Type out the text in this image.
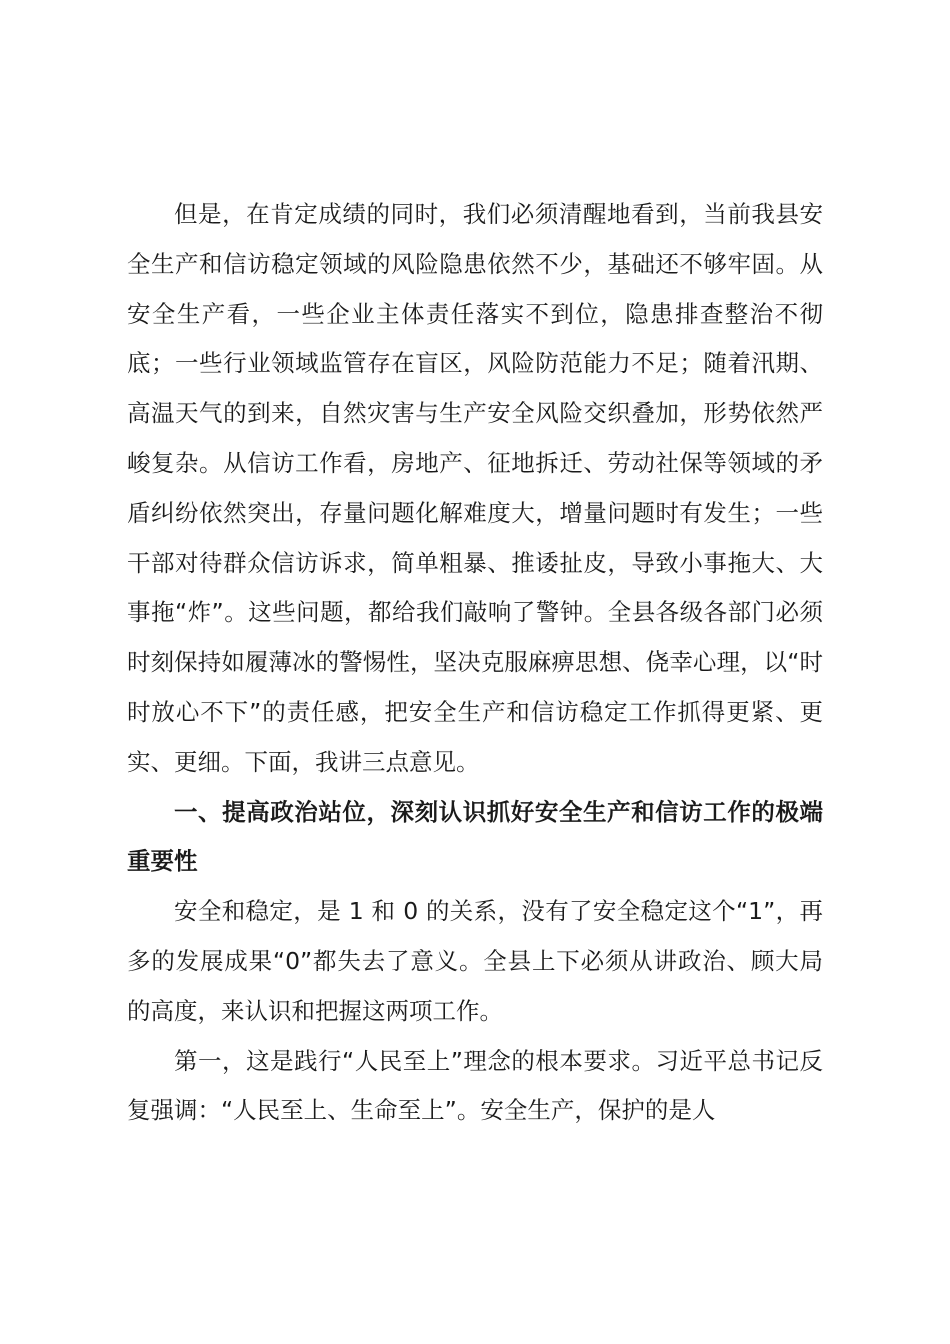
但是，在肯定成绩的同时，我们必须清醒地看到，当前我县安全生产和信访稳定领域的风险隐患依然不少，基础还不够牢固。从安全生产看，一些企业主体责任落实不到位，隐患排查整治不彻底；一些行业领域监管存在盲区，风险防范能力不足；随着汛期、高温天气的到来，自然灾害与生产安全风险交织叠加，形势依然严峻复杂。从信访工作看，房地产、征地拆迁、劳动社保等领域的矛盾纠纷依然突出，存量问题化解难度大，增量问题时有发生；一些干部对待群众信访诉求，简单粗暴、推诿扯皮，导致小事拖大、大事拖“炸”。这些问题，都给我们敲响了警钟。全县各级各部门必须时刻保持如履薄冰的警惕性，坚决克服麻痹思想、侥幸心理，以“时时放心不下”的责任感，把安全生产和信访稳定工作抓得更紧、更实、更细。下面，我讲三点意见。

一、提高政治站位，深刻认识抓好安全生产和信访工作的极端重要性

安全和稳定，是 1 和 0 的关系，没有了安全稳定这个“1”，再多的发展成果“0”都失去了意义。全县上下必须从讲政治、顾大局的高度，来认识和把握这两项工作。

第一，这是践行“人民至上”理念的根本要求。习近平总书记反复强调：“人民至上、生命至上”。安全生产，保护的是人
